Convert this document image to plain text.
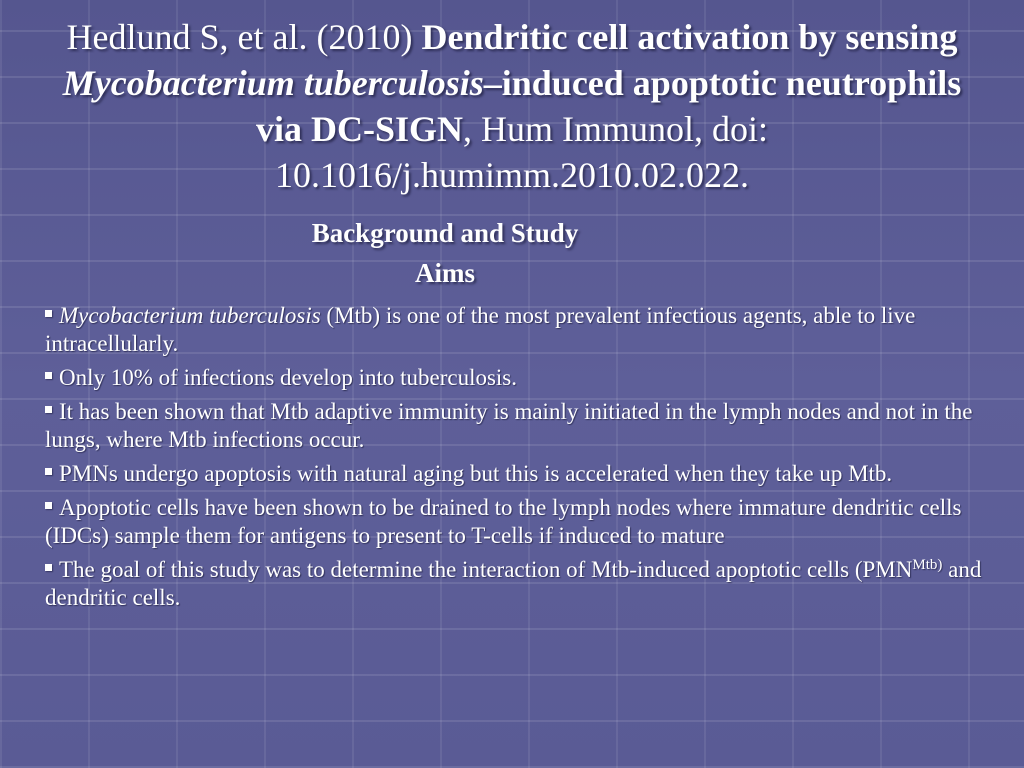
Hedlund S, et al. (2010) Dendritic cell activation by sensing Mycobacterium tuberculosis–induced apoptotic neutrophils via DC-SIGN, Hum Immunol, doi: 10.1016/j.humimm.2010.02.022.
Background and Study
Aims
Mycobacterium tuberculosis (Mtb) is one of the most prevalent infectious agents, able to live intracellularly.
Only 10% of infections develop into tuberculosis.
It has been shown that Mtb adaptive immunity is mainly initiated in the lymph nodes and not in the lungs, where Mtb infections occur.
PMNs undergo apoptosis with natural aging but this is accelerated when they take up Mtb.
Apoptotic cells have been shown to be drained to the lymph nodes where immature dendritic cells (IDCs) sample them for antigens to present to T-cells if induced to mature
The goal of this study was to determine the interaction of Mtb-induced apoptotic cells ($PMN^{Mtb)}$ and dendritic cells.
